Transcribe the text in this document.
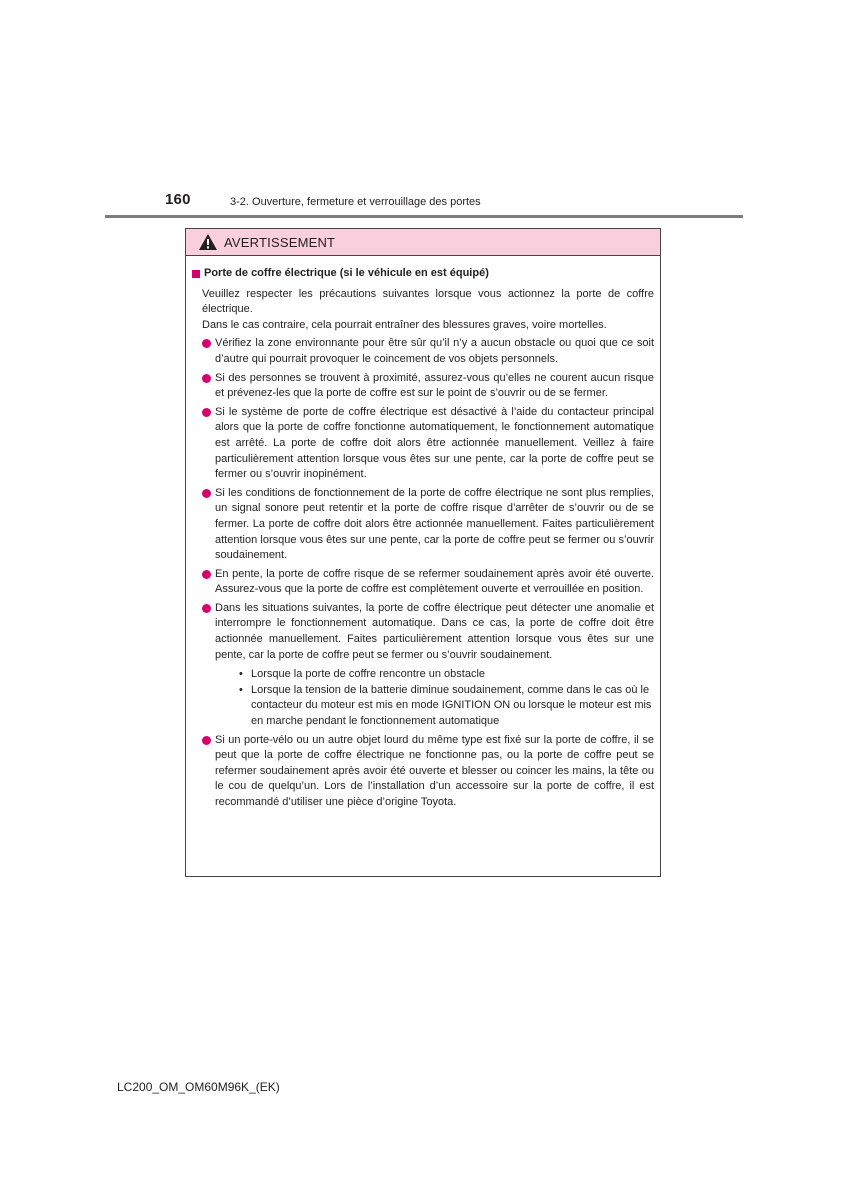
160	3-2. Ouverture, fermeture et verrouillage des portes
AVERTISSEMENT
Porte de coffre électrique (si le véhicule en est équipé)
Veuillez respecter les précautions suivantes lorsque vous actionnez la porte de coffre électrique.
Dans le cas contraire, cela pourrait entraîner des blessures graves, voire mortelles.
Vérifiez la zone environnante pour être sûr qu’il n’y a aucun obstacle ou quoi que ce soit d’autre qui pourrait provoquer le coincement de vos objets personnels.
Si des personnes se trouvent à proximité, assurez-vous qu’elles ne courent aucun risque et prévenez-les que la porte de coffre est sur le point de s’ouvrir ou de se fermer.
Si le système de porte de coffre électrique est désactivé à l’aide du contacteur principal alors que la porte de coffre fonctionne automatiquement, le fonctionnement automatique est arrêté. La porte de coffre doit alors être actionnée manuellement. Veillez à faire particulièrement attention lorsque vous êtes sur une pente, car la porte de coffre peut se fermer ou s’ouvrir inopinément.
Si les conditions de fonctionnement de la porte de coffre électrique ne sont plus remplies, un signal sonore peut retentir et la porte de coffre risque d’arrêter de s’ouvrir ou de se fermer. La porte de coffre doit alors être actionnée manuellement. Faites particulièrement attention lorsque vous êtes sur une pente, car la porte de coffre peut se fermer ou s’ouvrir soudainement.
En pente, la porte de coffre risque de se refermer soudainement après avoir été ouverte. Assurez-vous que la porte de coffre est complètement ouverte et verrouillée en position.
Dans les situations suivantes, la porte de coffre électrique peut détecter une anomalie et interrompre le fonctionnement automatique. Dans ce cas, la porte de coffre doit être actionnée manuellement. Faites particulièrement attention lorsque vous êtes sur une pente, car la porte de coffre peut se fermer ou s’ouvrir soudainement.
• Lorsque la porte de coffre rencontre un obstacle
• Lorsque la tension de la batterie diminue soudainement, comme dans le cas où le contacteur du moteur est mis en mode IGNITION ON ou lorsque le moteur est mis en marche pendant le fonctionnement automatique
Si un porte-vélo ou un autre objet lourd du même type est fixé sur la porte de coffre, il se peut que la porte de coffre électrique ne fonctionne pas, ou la porte de coffre peut se refermer soudainement après avoir été ouverte et blesser ou coincer les mains, la tête ou le cou de quelqu’un. Lors de l’installation d’un accessoire sur la porte de coffre, il est recommandé d’utiliser une pièce d’origine Toyota.
LC200_OM_OM60M96K_(EK)
